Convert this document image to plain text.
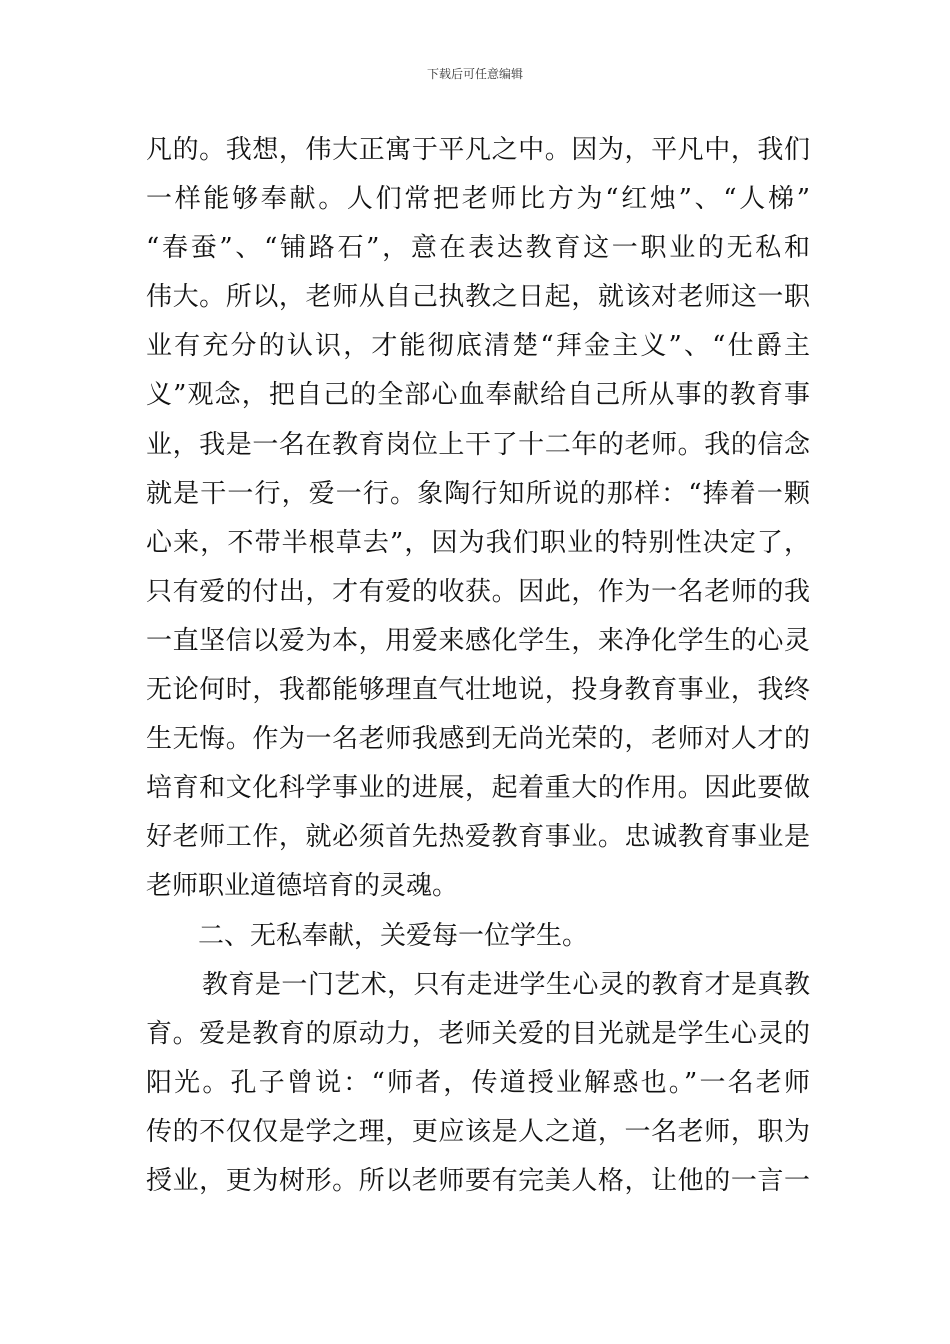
下载后可任意编辑
凡的。我想，伟大正寓于平凡之中。因为，平凡中，我们
一样能够奉献。人们常把老师比方为“红烛”、“人梯”
“春蚕”、“铺路石”，意在表达教育这一职业的无私和
伟大。所以，老师从自己执教之日起，就该对老师这一职
业有充分的认识，才能彻底清楚“拜金主义”、“仕爵主
义”观念，把自己的全部心血奉献给自己所从事的教育事
业，我是一名在教育岗位上干了十二年的老师。我的信念
就是干一行，爱一行。象陶行知所说的那样：“捧着一颗
心来，不带半根草去”，因为我们职业的特别性决定了，
只有爱的付出，才有爱的收获。因此，作为一名老师的我
一直坚信以爱为本，用爱来感化学生，来净化学生的心灵
无论何时，我都能够理直气壮地说，投身教育事业，我终
生无悔。作为一名老师我感到无尚光荣的，老师对人才的
培育和文化科学事业的进展，起着重大的作用。因此要做
好老师工作，就必须首先热爱教育事业。忠诚教育事业是
老师职业道德培育的灵魂。
二、无私奉献，关爱每一位学生。
教育是一门艺术，只有走进学生心灵的教育才是真教
育。爱是教育的原动力，老师关爱的目光就是学生心灵的
阳光。孔子曾说：“师者，传道授业解惑也。”一名老师
传的不仅仅是学之理，更应该是人之道，一名老师，职为
授业，更为树形。所以老师要有完美人格，让他的一言一
